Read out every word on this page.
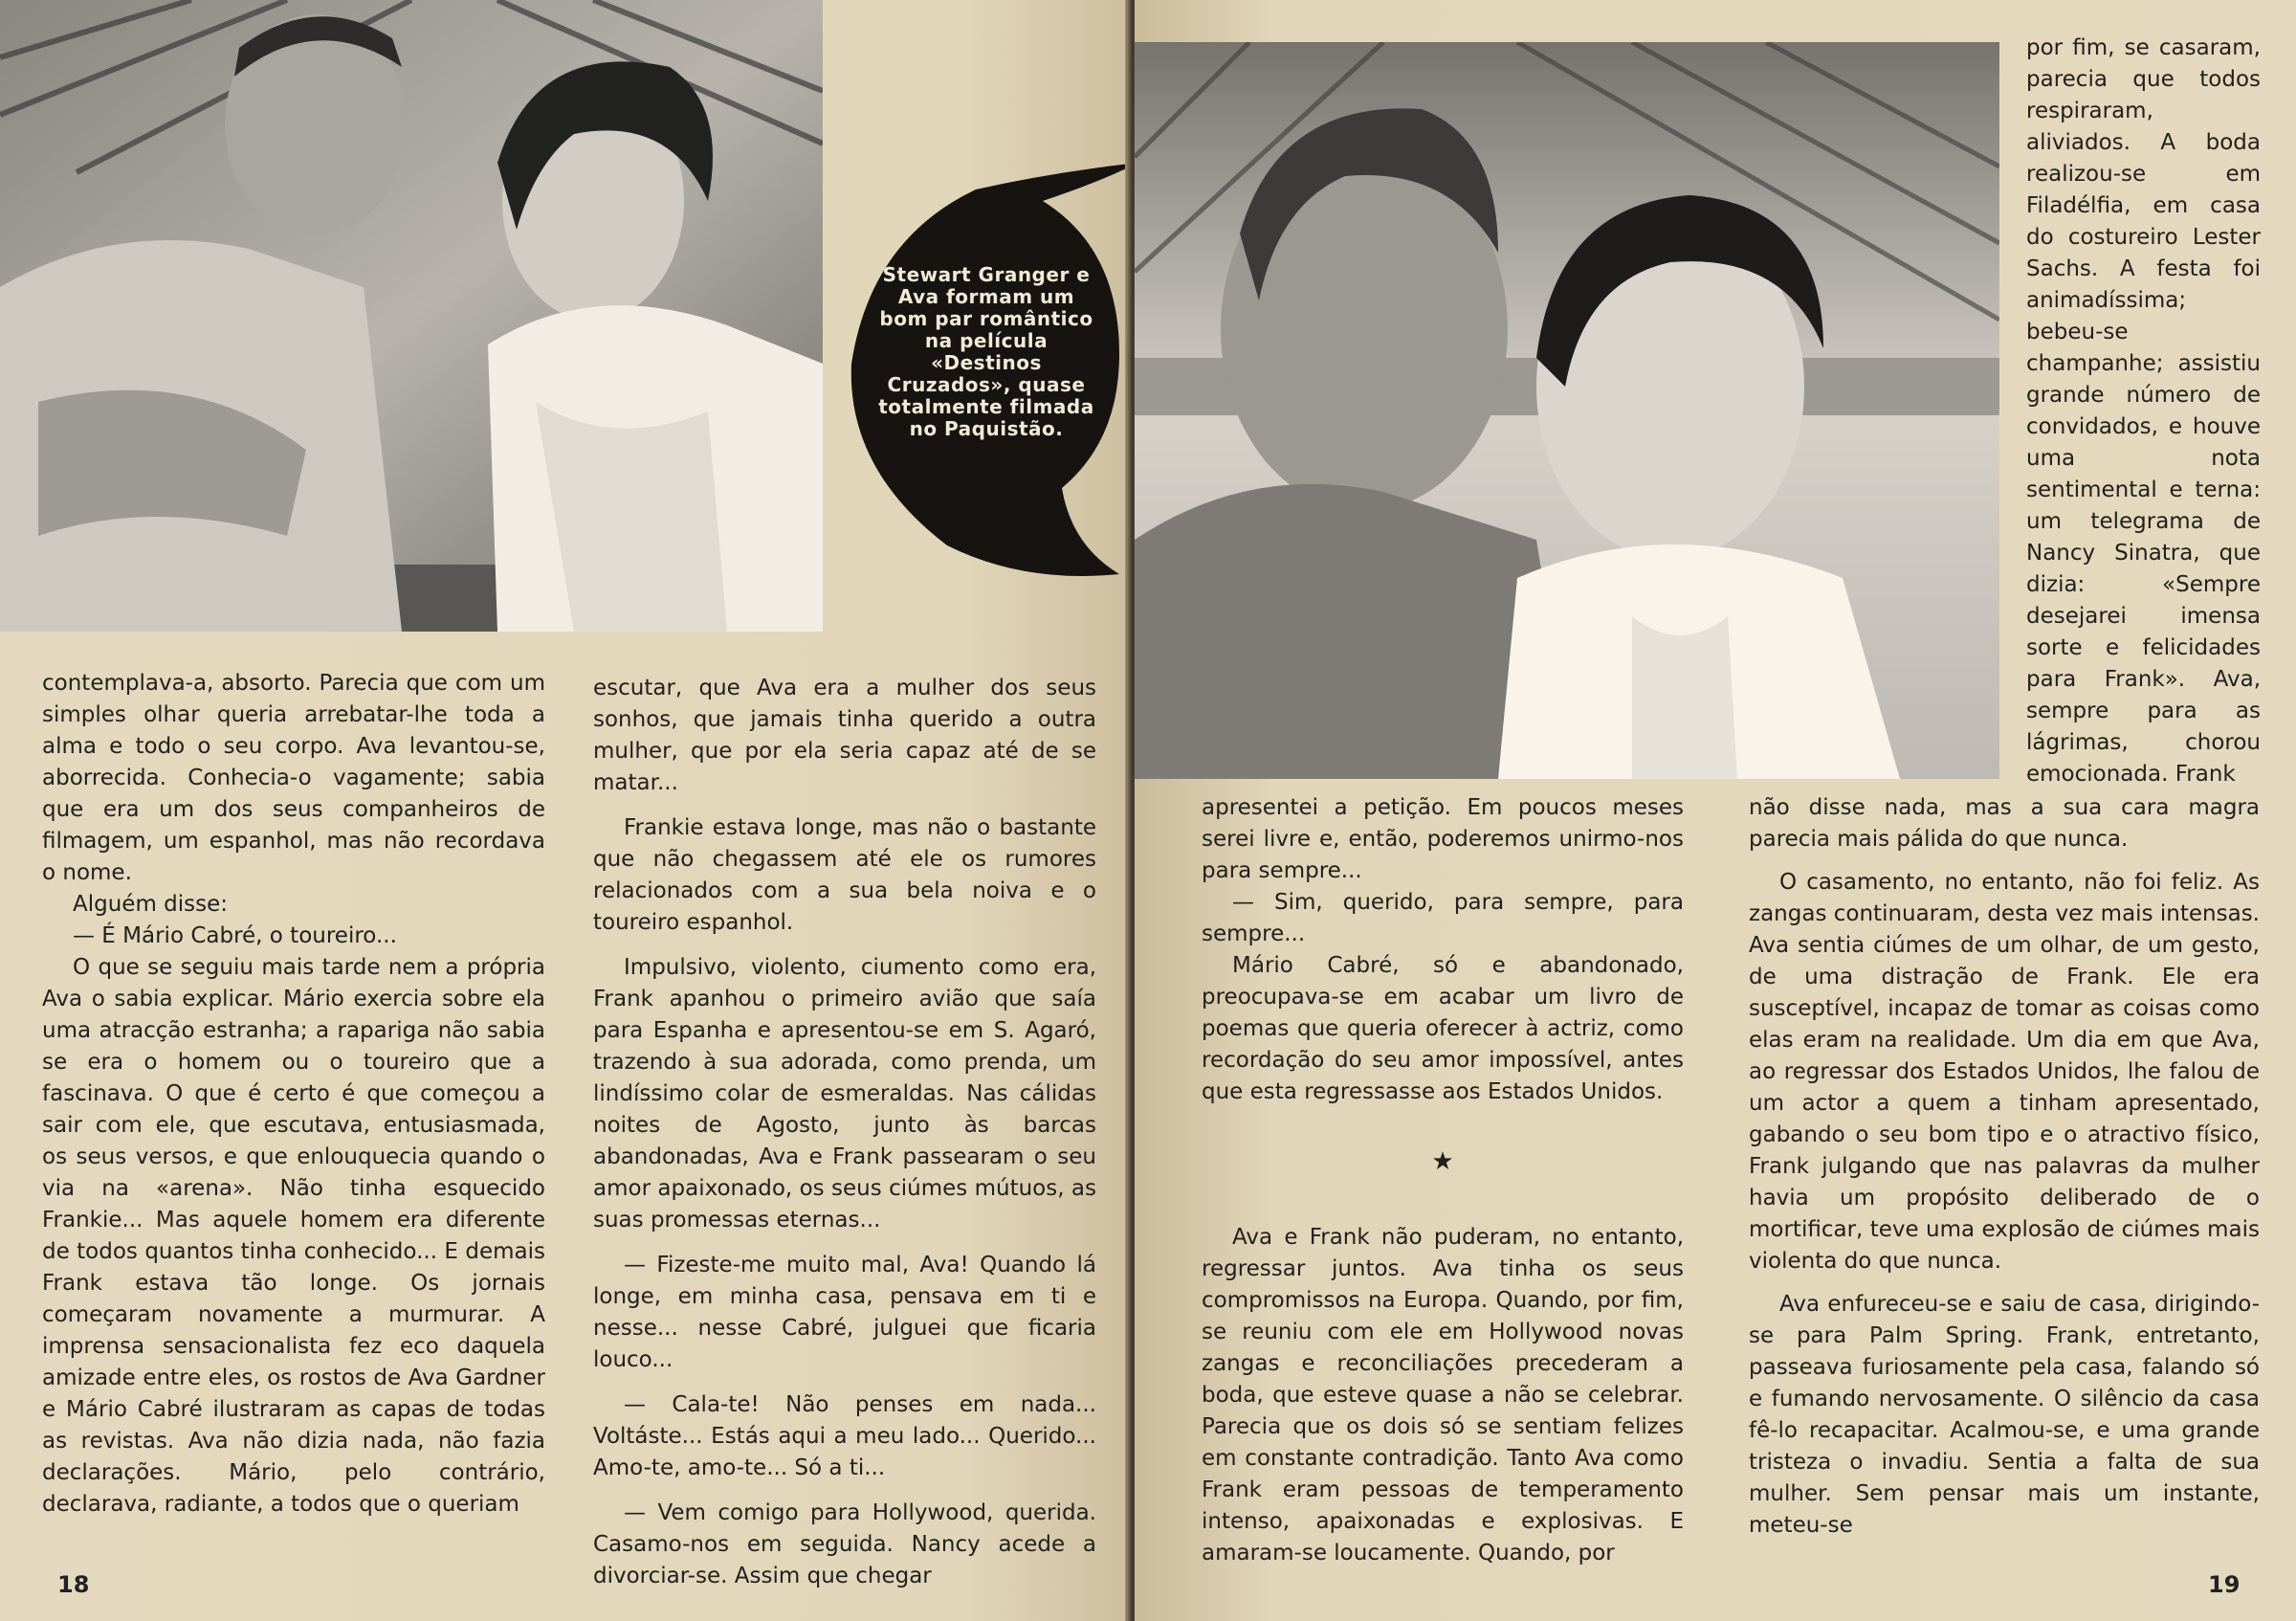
Stewart Granger e Ava formam um bom par romântico na película «Destinos Cruzados», quase totalmente filmada no Paquistão.

contemplava-a, absorto. Parecia que com um simples olhar queria arrebatar-lhe toda a alma e todo o seu corpo. Ava levantou-se, aborrecida. Conhecia-o vagamente; sabia que era um dos seus companheiros de filmagem, um espanhol, mas não recordava o nome.

Alguém disse:

— É Mário Cabré, o toureiro...

O que se seguiu mais tarde nem a própria Ava o sabia explicar. Mário exercia sobre ela uma atracção estranha; a rapariga não sabia se era o homem ou o toureiro que a fascinava. O que é certo é que começou a sair com ele, que escutava, entusiasmada, os seus versos, e que enlouquecia quando o via na «arena». Não tinha esquecido Frankie... Mas aquele homem era diferente de todos quantos tinha conhecido... E demais Frank estava tão longe. Os jornais começaram novamente a murmurar. A imprensa sensacionalista fez eco daquela amizade entre eles, os rostos de Ava Gardner e Mário Cabré ilustraram as capas de todas as revistas. Ava não dizia nada, não fazia declarações. Mário, pelo contrário, declarava, radiante, a todos que o queriam

escutar, que Ava era a mulher dos seus sonhos, que jamais tinha querido a outra mulher, que por ela seria capaz até de se matar...

Frankie estava longe, mas não o bastante que não chegassem até ele os rumores relacionados com a sua bela noiva e o toureiro espanhol.

Impulsivo, violento, ciumento como era, Frank apanhou o primeiro avião que saía para Espanha e apresentou-se em S. Agaró, trazendo à sua adorada, como prenda, um lindíssimo colar de esmeraldas. Nas cálidas noites de Agosto, junto às barcas abandonadas, Ava e Frank passearam o seu amor apaixonado, os seus ciúmes mútuos, as suas promessas eternas...

— Fizeste-me muito mal, Ava! Quando lá longe, em minha casa, pensava em ti e nesse... nesse Cabré, julguei que ficaria louco...

— Cala-te! Não penses em nada... Voltáste... Estás aqui a meu lado... Querido... Amo-te, amo-te... Só a ti...

— Vem comigo para Hollywood, querida. Casamo-nos em seguida. Nancy acede a divorciar-se. Assim que chegar

18

por fim, se casaram, parecia que todos respiraram, aliviados. A boda realizou-se em Filadélfia, em casa do costureiro Lester Sachs. A festa foi animadíssima; bebeu-se champanhe; assistiu grande número de convidados, e houve uma nota sentimental e terna: um telegrama de Nancy Sinatra, que dizia: «Sempre desejarei imensa sorte e felicidades para Frank». Ava, sempre para as lágrimas, chorou emocionada. Frank

apresentei a petição. Em poucos meses serei livre e, então, poderemos unirmo-nos para sempre...

— Sim, querido, para sempre, para sempre...

Mário Cabré, só e abandonado, preocupava-se em acabar um livro de poemas que queria oferecer à actriz, como recordação do seu amor impossível, antes que esta regressasse aos Estados Unidos.

★

Ava e Frank não puderam, no entanto, regressar juntos. Ava tinha os seus compromissos na Europa. Quando, por fim, se reuniu com ele em Hollywood novas zangas e reconciliações precederam a boda, que esteve quase a não se celebrar. Parecia que os dois só se sentiam felizes em constante contradição. Tanto Ava como Frank eram pessoas de temperamento intenso, apaixonadas e explosivas. E amaram-se loucamente. Quando, por

não disse nada, mas a sua cara magra parecia mais pálida do que nunca.

O casamento, no entanto, não foi feliz. As zangas continuaram, desta vez mais intensas. Ava sentia ciúmes de um olhar, de um gesto, de uma distração de Frank. Ele era susceptível, incapaz de tomar as coisas como elas eram na realidade. Um dia em que Ava, ao regressar dos Estados Unidos, lhe falou de um actor a quem a tinham apresentado, gabando o seu bom tipo e o atractivo físico, Frank julgando que nas palavras da mulher havia um propósito deliberado de o mortificar, teve uma explosão de ciúmes mais violenta do que nunca.

Ava enfureceu-se e saiu de casa, dirigindo-se para Palm Spring. Frank, entretanto, passeava furiosamente pela casa, falando só e fumando nervosamente. O silêncio da casa fê-lo recapacitar. Acalmou-se, e uma grande tristeza o invadiu. Sentia a falta de sua mulher. Sem pensar mais um instante, meteu-se

19
